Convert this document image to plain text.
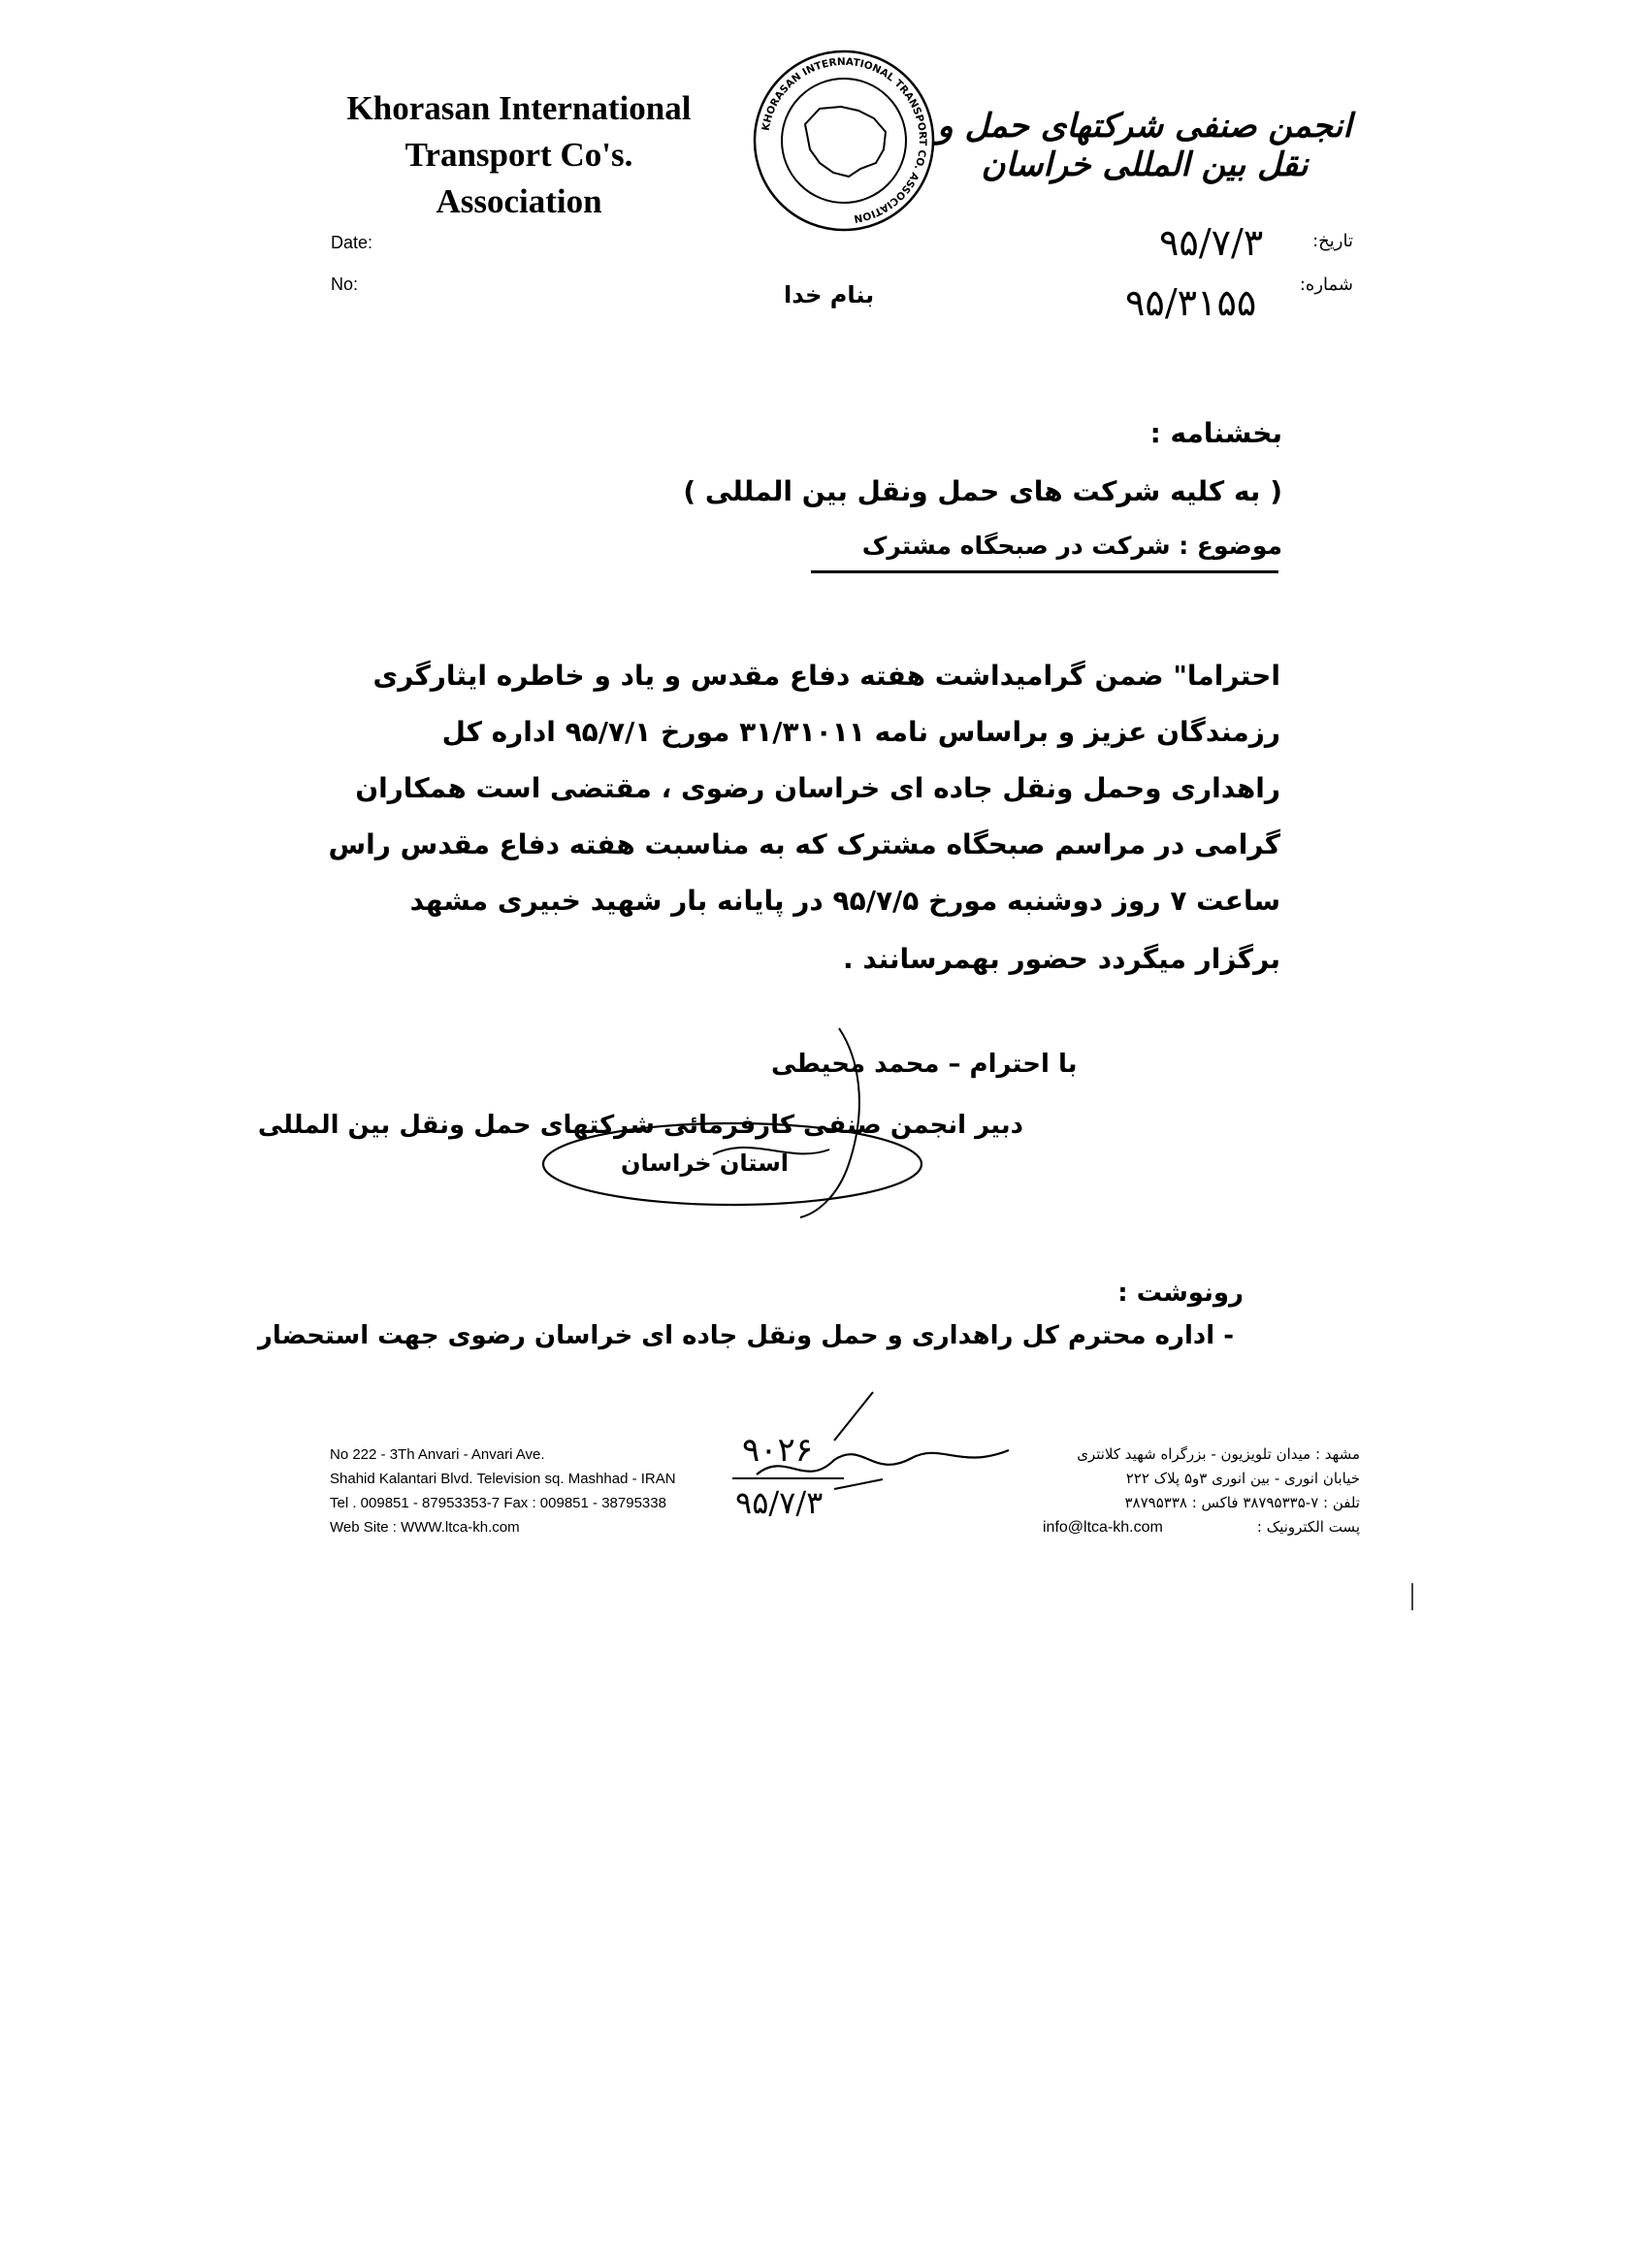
Khorasan International
Transport Co's. Association
KHORASAN INTERNATIONAL TRANSPORT CO. ASSOCIATION
انجمن صنفی شرکتهای حمل و نقل بین المللی خراسان
Date:
No:
تاریخ:
شماره:
۹۵/۷/۳
۹۵/۳۱۵۵
بنام خدا
بخشنامه :
( به کلیه شرکت های حمل ونقل بین المللی )
موضوع : شرکت در صبحگاه مشترک
احتراما" ضمن گرامیداشت هفته دفاع مقدس و یاد و خاطره ایثارگری
رزمندگان عزیز و براساس نامه ۳۱/۳۱۰۱۱ مورخ ۹۵/۷/۱ اداره کل
راهداری وحمل ونقل جاده ای خراسان رضوی ، مقتضی است همکاران
گرامی در مراسم صبحگاه مشترک که به مناسبت هفته دفاع مقدس راس
ساعت ۷ روز دوشنبه مورخ ۹۵/۷/۵ در پایانه بار شهید خبیری مشهد
برگزار میگردد حضور بهمرسانند .
با احترام – محمد محیطی
دبیر انجمن صنفی کارفرمائی شرکتهای حمل ونقل بین المللی
استان خراسان
رونوشت :
- اداره محترم کل راهداری و حمل ونقل جاده ای خراسان رضوی جهت استحضار
No 222 - 3Th Anvari - Anvari Ave.
Shahid Kalantari Blvd. Television sq. Mashhad - IRAN
Tel . 009851 - 87953353-7 Fax : 009851 - 38795338
Web Site : WWW.ltca-kh.com
۹۰۲۶
۹۵/۷/۳
مشهد : میدان تلویزیون - بزرگراه شهید کلانتری
خیابان انوری - بین انوری ۳و۵ پلاک ۲۲۲
تلفن : ۷-۳۸۷۹۵۳۳۵ فاکس : ۳۸۷۹۵۳۳۸
پست الکترونیک :
info@ltca-kh.com
